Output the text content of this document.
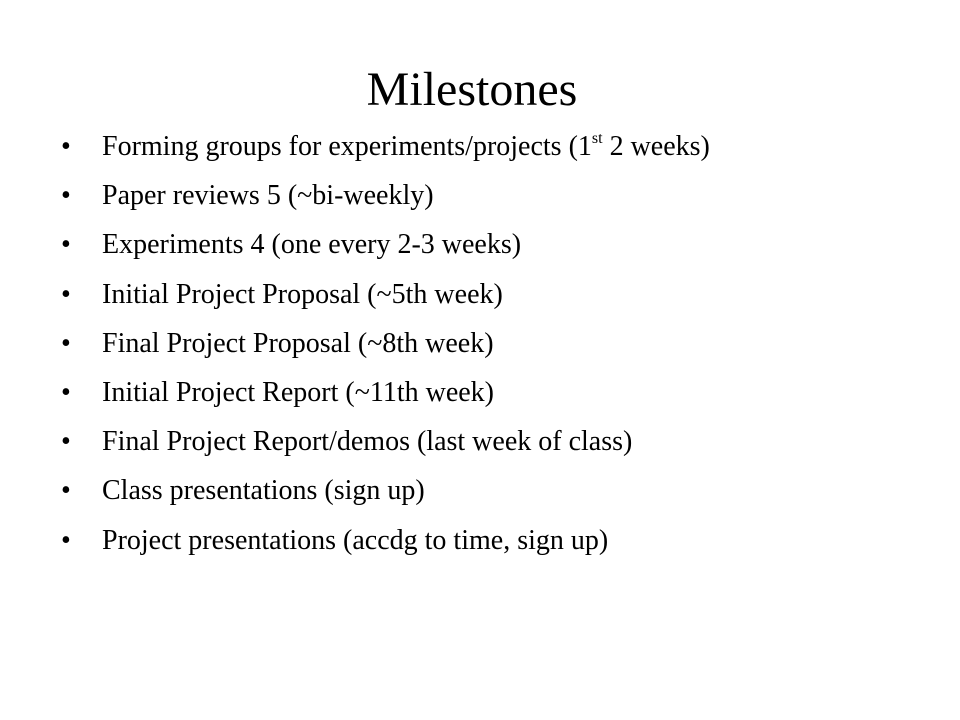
Milestones
•	Forming groups for experiments/projects (1st 2 weeks)
•	Paper reviews 5 (~bi-weekly)
•	Experiments 4 (one every 2-3 weeks)
•	Initial Project Proposal (~5th week)
•	Final Project Proposal (~8th week)
•	Initial Project Report (~11th week)
•	Final Project Report/demos (last week of class)
•	Class presentations (sign up)
•	Project presentations (accdg to time, sign up)
